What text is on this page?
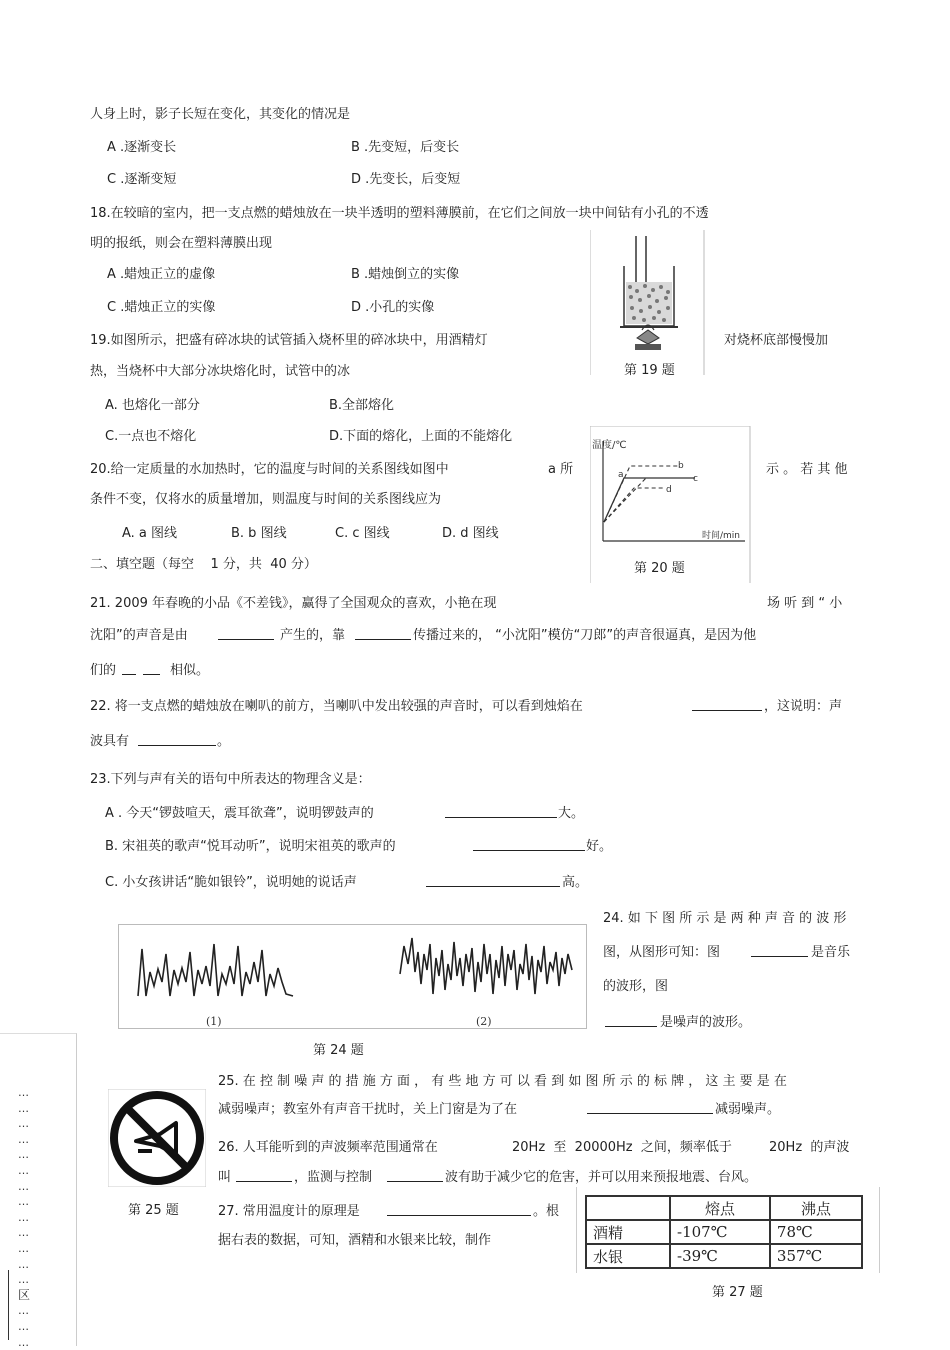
人身上时，影子长短在变化，其变化的情况是
A .逐渐变长	B .先变短，后变长
C .逐渐变短	D .先变长，后变短
18.在较暗的室内，把一支点燃的蜡烛放在一块半透明的塑料薄膜前，在它们之间放一块中间钻有小孔的不透
明的报纸，则会在塑料薄膜出现
A .蜡烛正立的虚像	B .蜡烛倒立的实像
C .蜡烛正立的实像	D .小孔的实像
第 19 题
19.如图所示，把盛有碎冰块的试管插入烧杯里的碎冰块中，用酒精灯	对烧杯底部慢慢加
热，当烧杯中大部分冰块熔化时，试管中的冰
A. 也熔化一部分	B.全部熔化
C.一点也不熔化	D.下面的熔化，上面的不能熔化
温度/℃
时间/min
a
b
c
d
第 20 题
20.给一定质量的水加热时，它的温度与时间的关系图线如图中	a 所	示 。 若 其 他
条件不变，仅将水的质量增加，则温度与时间的关系图线应为
A. a 图线	B. b 图线	C. c 图线	D. d 图线
二、填空题（每空    1 分，共  40 分）
21. 2009 年春晚的小品《不差钱》，赢得了全国观众的喜欢，小艳在现	场 听 到 “ 小
沈阳”的声音是由	产生的，靠	传播过来的， “小沈阳”模仿“刀郎”的声音很逼真，是因为他
们的	相似。
22. 将一支点燃的蜡烛放在喇叭的前方，当喇叭中发出较强的声音时，可以看到烛焰在	，这说明：声
波具有	。
23.下列与声有关的语句中所表达的物理含义是：
A . 今天“锣鼓喧天，震耳欲聋”，说明锣鼓声的	大。
B. 宋祖英的歌声“悦耳动听”，说明宋祖英的歌声的	好。
C. 小女孩讲话“脆如银铃”，说明她的说话声	高。
(1)	(2)
第 24 题
24. 如 下 图 所 示 是 两 种 声 音 的 波 形
图，从图形可知：图	是音乐
的波形，图
是噪声的波形。
…
…
…
…
…
…
…
…
…
…
…
…
…
区
…
…
…
第 25 题
25. 在 控 制 噪 声 的 措 施 方 面 ， 有 些 地 方 可 以 看 到 如 图 所 示 的 标 牌 ， 这 主 要 是 在
减弱噪声；教室外有声音干扰时，关上门窗是为了在	减弱噪声。
26. 人耳能听到的声波频率范围通常在	20Hz  至  20000Hz  之间，频率低于	20Hz  的声波
叫	，监测与控制	波有助于减少它的危害，并可以用来预报地震、台风。
27. 常用温度计的原理是	。根
据右表的数据，可知，酒精和水银来比较，制作
	熔点	沸点
酒精	-107℃	78℃
水银	-39℃	357℃
第 27 题
